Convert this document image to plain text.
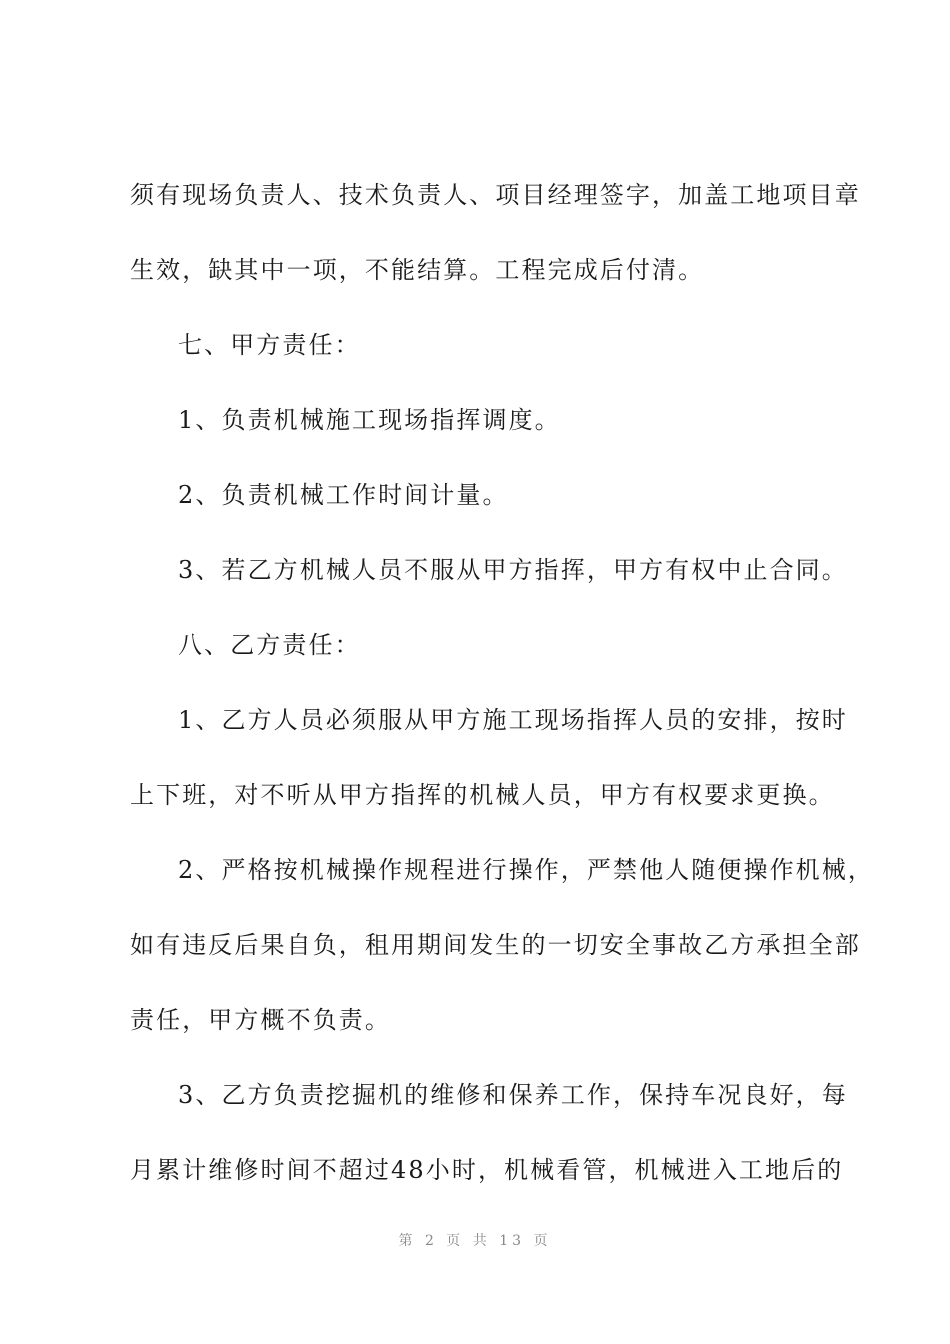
须有现场负责人、技术负责人、项目经理签字，加盖工地项目章
生效，缺其中一项，不能结算。工程完成后付清。
七、甲方责任：
1、负责机械施工现场指挥调度。
2、负责机械工作时间计量。
3、若乙方机械人员不服从甲方指挥，甲方有权中止合同。
八、乙方责任：
1、乙方人员必须服从甲方施工现场指挥人员的安排，按时
上下班，对不听从甲方指挥的机械人员，甲方有权要求更换。
2、严格按机械操作规程进行操作，严禁他人随便操作机械，
如有违反后果自负，租用期间发生的一切安全事故乙方承担全部
责任，甲方概不负责。
3、乙方负责挖掘机的维修和保养工作，保持车况良好，每
月累计维修时间不超过48小时，机械看管，机械进入工地后的
第 2 页 共 13 页
